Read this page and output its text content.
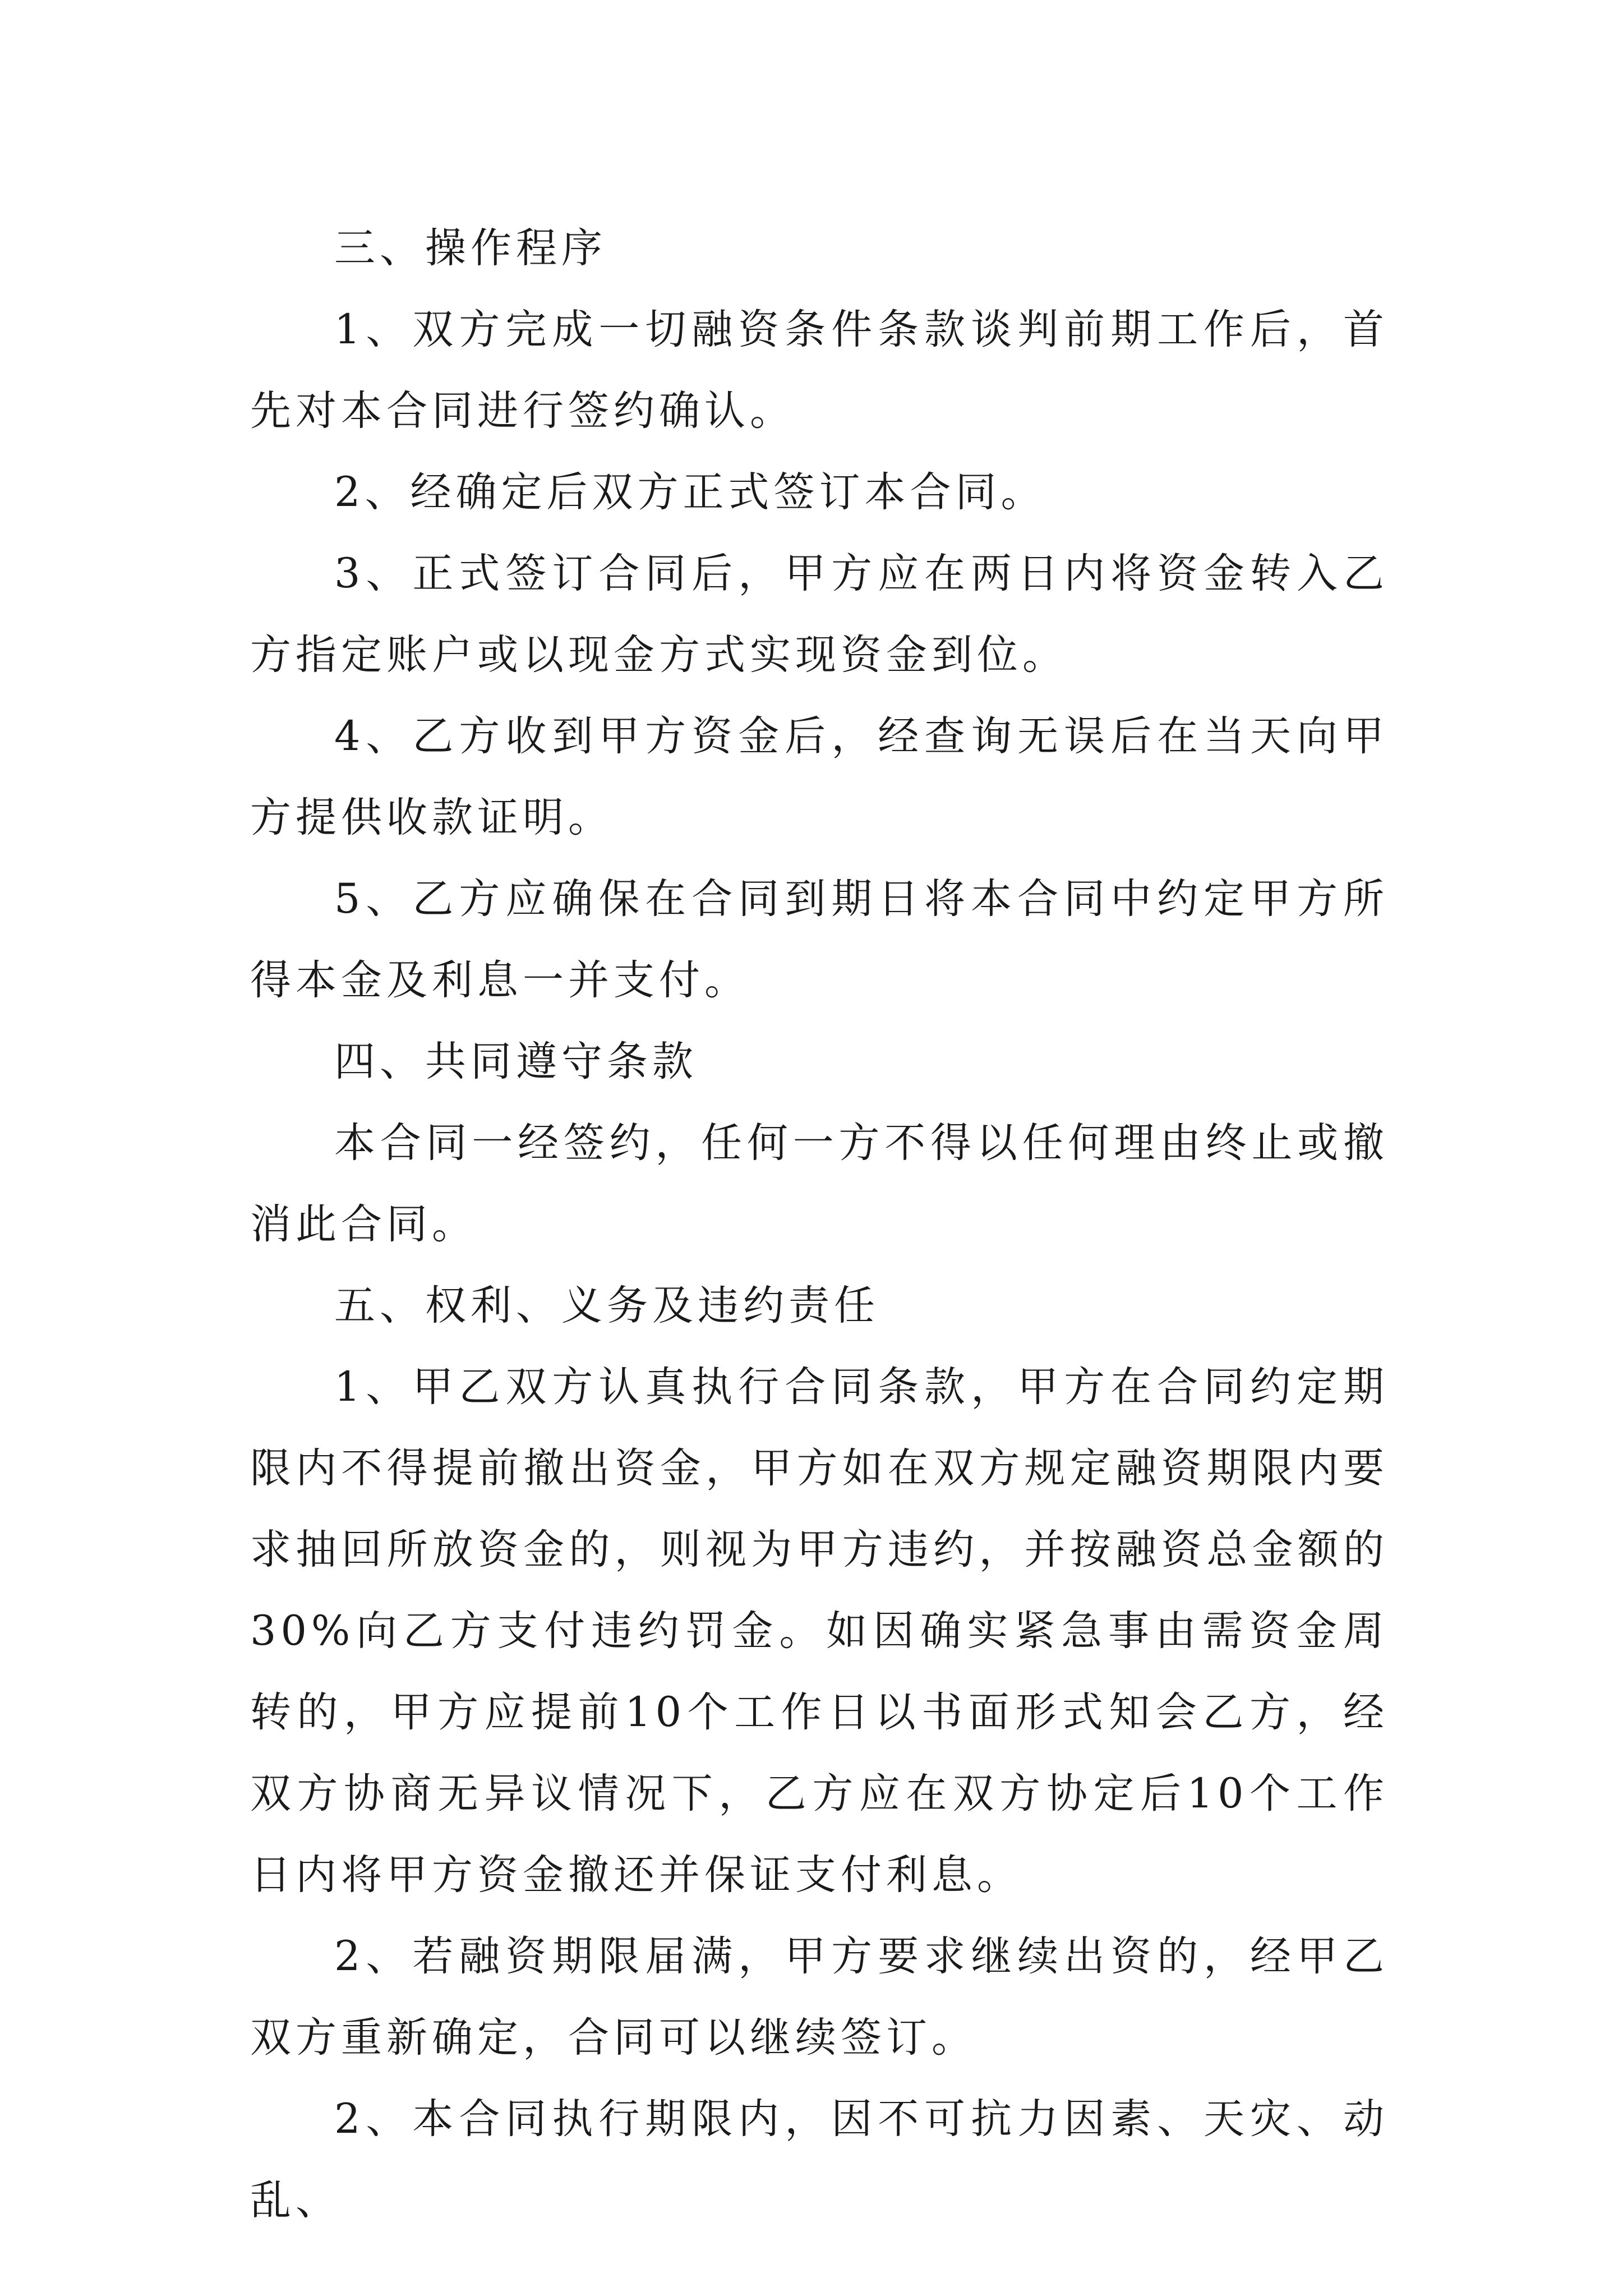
三、操作程序

1、双方完成一切融资条件条款谈判前期工作后，首先对本合同进行签约确认。

2、经确定后双方正式签订本合同。

3、正式签订合同后，甲方应在两日内将资金转入乙方指定账户或以现金方式实现资金到位。

4、乙方收到甲方资金后，经查询无误后在当天向甲方提供收款证明。

5、乙方应确保在合同到期日将本合同中约定甲方所得本金及利息一并支付。

四、共同遵守条款

本合同一经签约，任何一方不得以任何理由终止或撤消此合同。

五、权利、义务及违约责任

1、甲乙双方认真执行合同条款，甲方在合同约定期限内不得提前撤出资金，甲方如在双方规定融资期限内要求抽回所放资金的，则视为甲方违约，并按融资总金额的30%向乙方支付违约罚金。如因确实紧急事由需资金周转的，甲方应提前10个工作日以书面形式知会乙方，经双方协商无异议情况下，乙方应在双方协定后10个工作日内将甲方资金撤还并保证支付利息。

2、若融资期限届满，甲方要求继续出资的，经甲乙双方重新确定，合同可以继续签订。

2、本合同执行期限内，因不可抗力因素、天灾、动乱、
